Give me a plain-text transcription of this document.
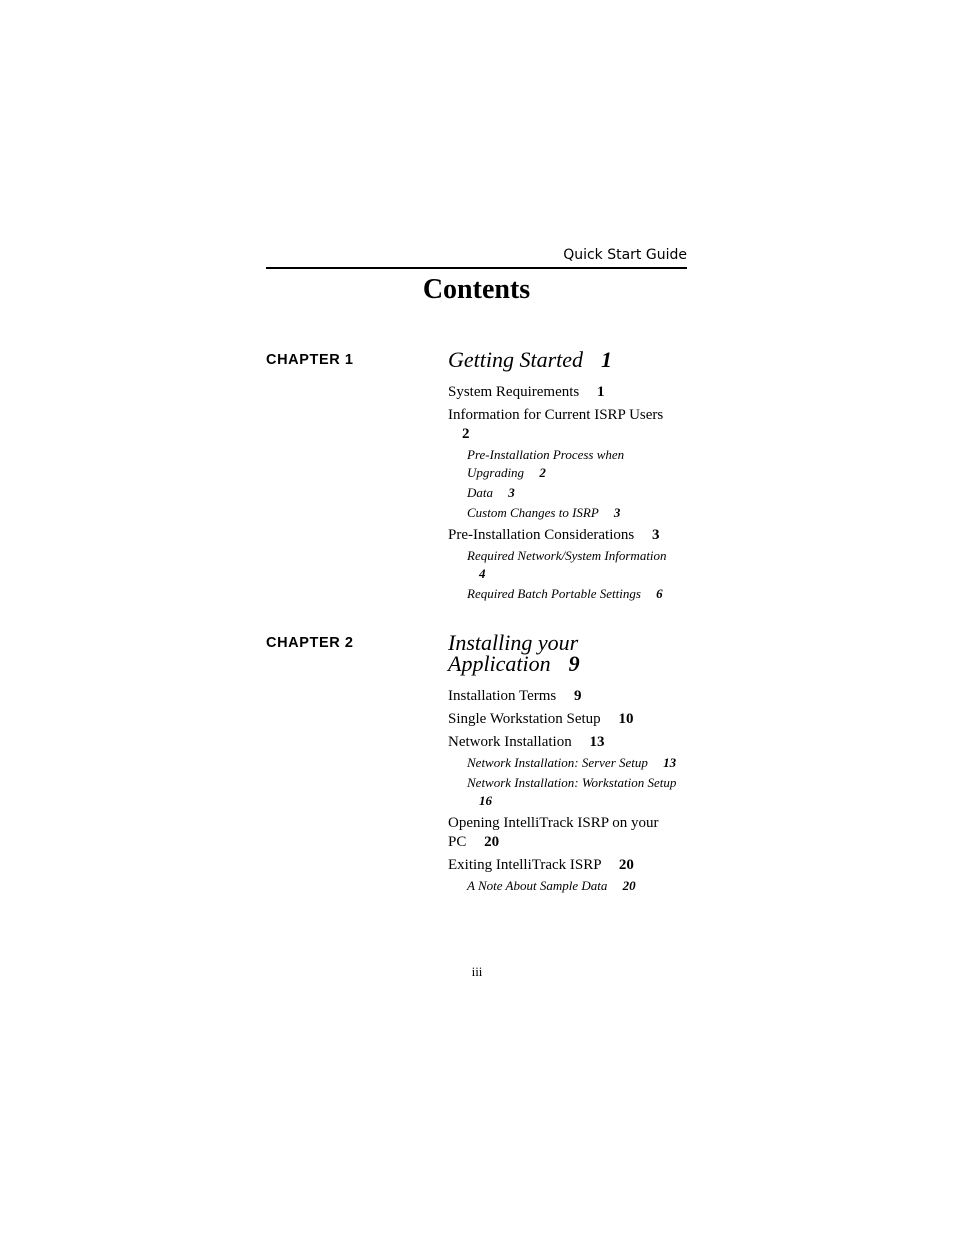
Quick Start Guide
Contents
CHAPTER 1	Getting Started 1
System Requirements 1
Information for Current ISRP Users 2
Pre-Installation Process when Upgrading 2
Data 3
Custom Changes to ISRP 3
Pre-Installation Considerations 3
Required Network/System Information 4
Required Batch Portable Settings 6
CHAPTER 2	Installing your Application 9
Installation Terms 9
Single Workstation Setup 10
Network Installation 13
Network Installation: Server Setup 13
Network Installation: Workstation Setup 16
Opening IntelliTrack ISRP on your PC 20
Exiting IntelliTrack ISRP 20
A Note About Sample Data 20
iii
